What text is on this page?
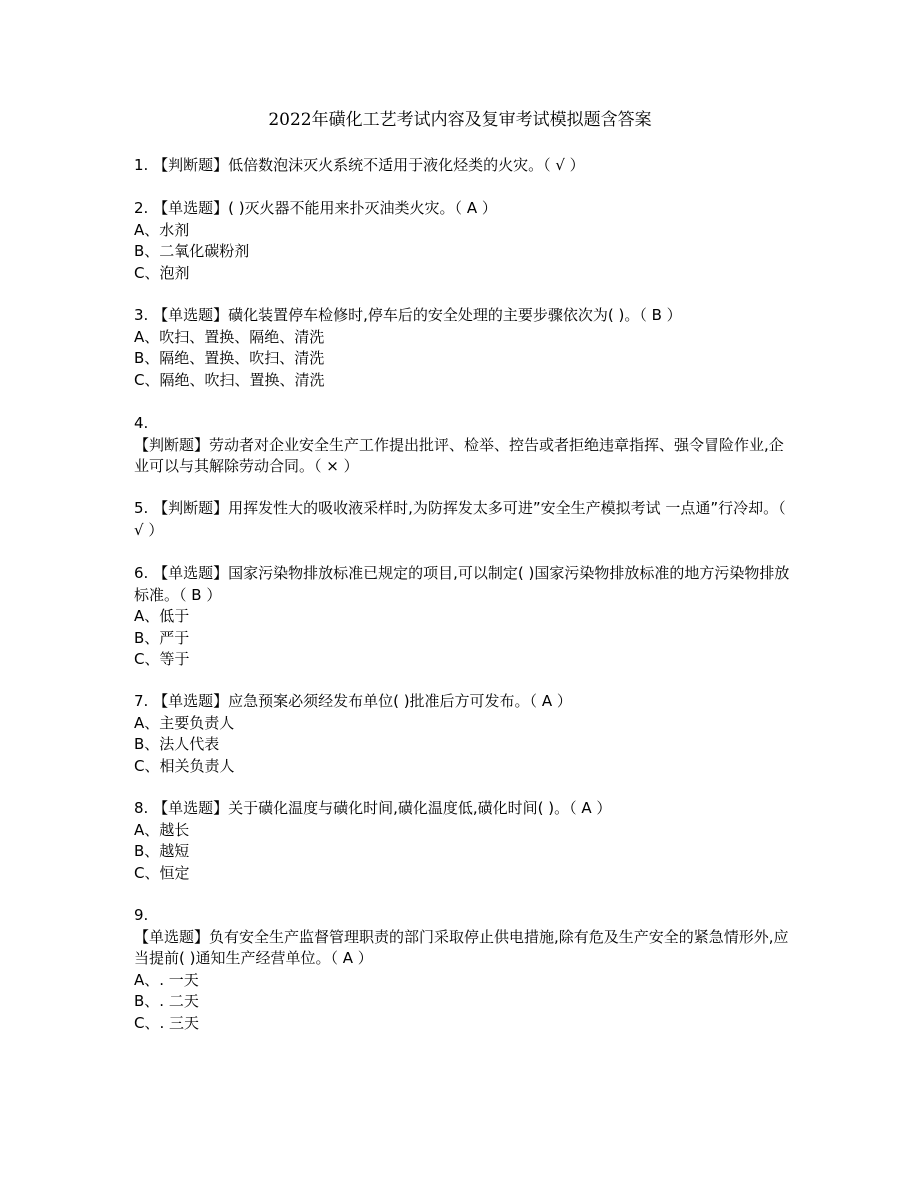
2022年磺化工艺考试内容及复审考试模拟题含答案
1. 【判断题】低倍数泡沫灭火系统不适用于液化烃类的火灾。（ √ ）
2. 【单选题】( )灭火器不能用来扑灭油类火灾。（ A ）
A、水剂
B、二氧化碳粉剂
C、泡剂
3. 【单选题】磺化装置停车检修时,停车后的安全处理的主要步骤依次为( )。（ B ）
A、吹扫、置换、隔绝、清洗
B、隔绝、置换、吹扫、清洗
C、隔绝、吹扫、置换、清洗
4.
【判断题】劳动者对企业安全生产工作提出批评、检举、控告或者拒绝违章指挥、强令冒险作业,企业可以与其解除劳动合同。（ × ）
5. 【判断题】用挥发性大的吸收液采样时,为防挥发太多可进”安全生产模拟考试 一点通”行冷却。（ √ ）
6. 【单选题】国家污染物排放标准已规定的项目,可以制定( )国家污染物排放标准的地方污染物排放标准。（ B ）
A、低于
B、严于
C、等于
7. 【单选题】应急预案必须经发布单位( )批准后方可发布。（ A ）
A、主要负责人
B、法人代表
C、相关负责人
8. 【单选题】关于磺化温度与磺化时间,磺化温度低,磺化时间( )。（ A ）
A、越长
B、越短
C、恒定
9.
【单选题】负有安全生产监督管理职责的部门采取停止供电措施,除有危及生产安全的紧急情形外,应当提前( )通知生产经营单位。（ A ）
A、. 一天
B、. 二天
C、. 三天
